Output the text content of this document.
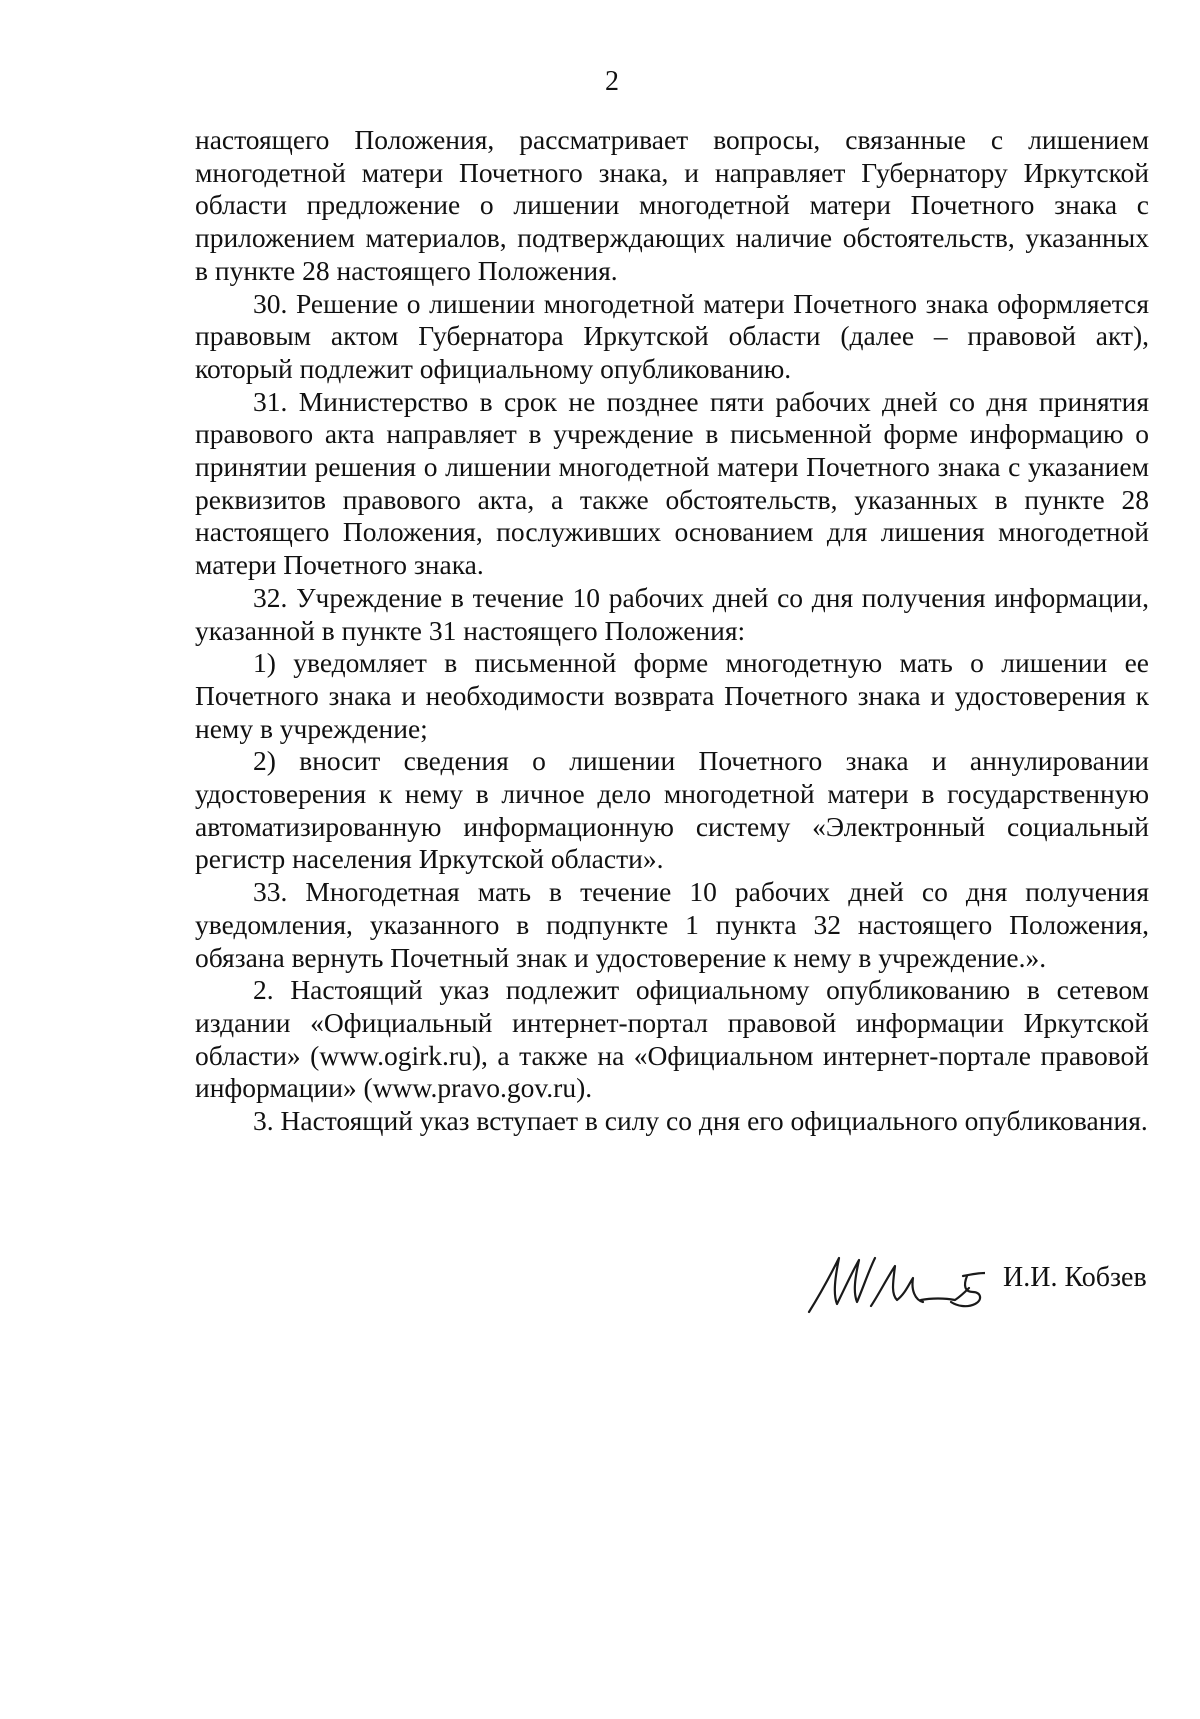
2

настоящего Положения, рассматривает вопросы, связанные с лишением многодетной матери Почетного знака, и направляет Губернатору Иркутской области предложение о лишении многодетной матери Почетного знака с приложением материалов, подтверждающих наличие обстоятельств, указанных в пункте 28 настоящего Положения.

30. Решение о лишении многодетной матери Почетного знака оформляется правовым актом Губернатора Иркутской области (далее – правовой акт), который подлежит официальному опубликованию.

31. Министерство в срок не позднее пяти рабочих дней со дня принятия правового акта направляет в учреждение в письменной форме информацию о принятии решения о лишении многодетной матери Почетного знака с указанием реквизитов правового акта, а также обстоятельств, указанных в пункте 28 настоящего Положения, послуживших основанием для лишения многодетной матери Почетного знака.

32. Учреждение в течение 10 рабочих дней со дня получения информации, указанной в пункте 31 настоящего Положения:

1) уведомляет в письменной форме многодетную мать о лишении ее Почетного знака и необходимости возврата Почетного знака и удостоверения к нему в учреждение;

2) вносит сведения о лишении Почетного знака и аннулировании удостоверения к нему в личное дело многодетной матери в государственную автоматизированную информационную систему «Электронный социальный регистр населения Иркутской области».

33. Многодетная мать в течение 10 рабочих дней со дня получения уведомления, указанного в подпункте 1 пункта 32 настоящего Положения, обязана вернуть Почетный знак и удостоверение к нему в учреждение.».

2. Настоящий указ подлежит официальному опубликованию в сетевом издании «Официальный интернет-портал правовой информации Иркутской области» (www.ogirk.ru), а также на «Официальном интернет-портале правовой информации» (www.pravo.gov.ru).

3. Настоящий указ вступает в силу со дня его официального опубликования.

И.И. Кобзев
